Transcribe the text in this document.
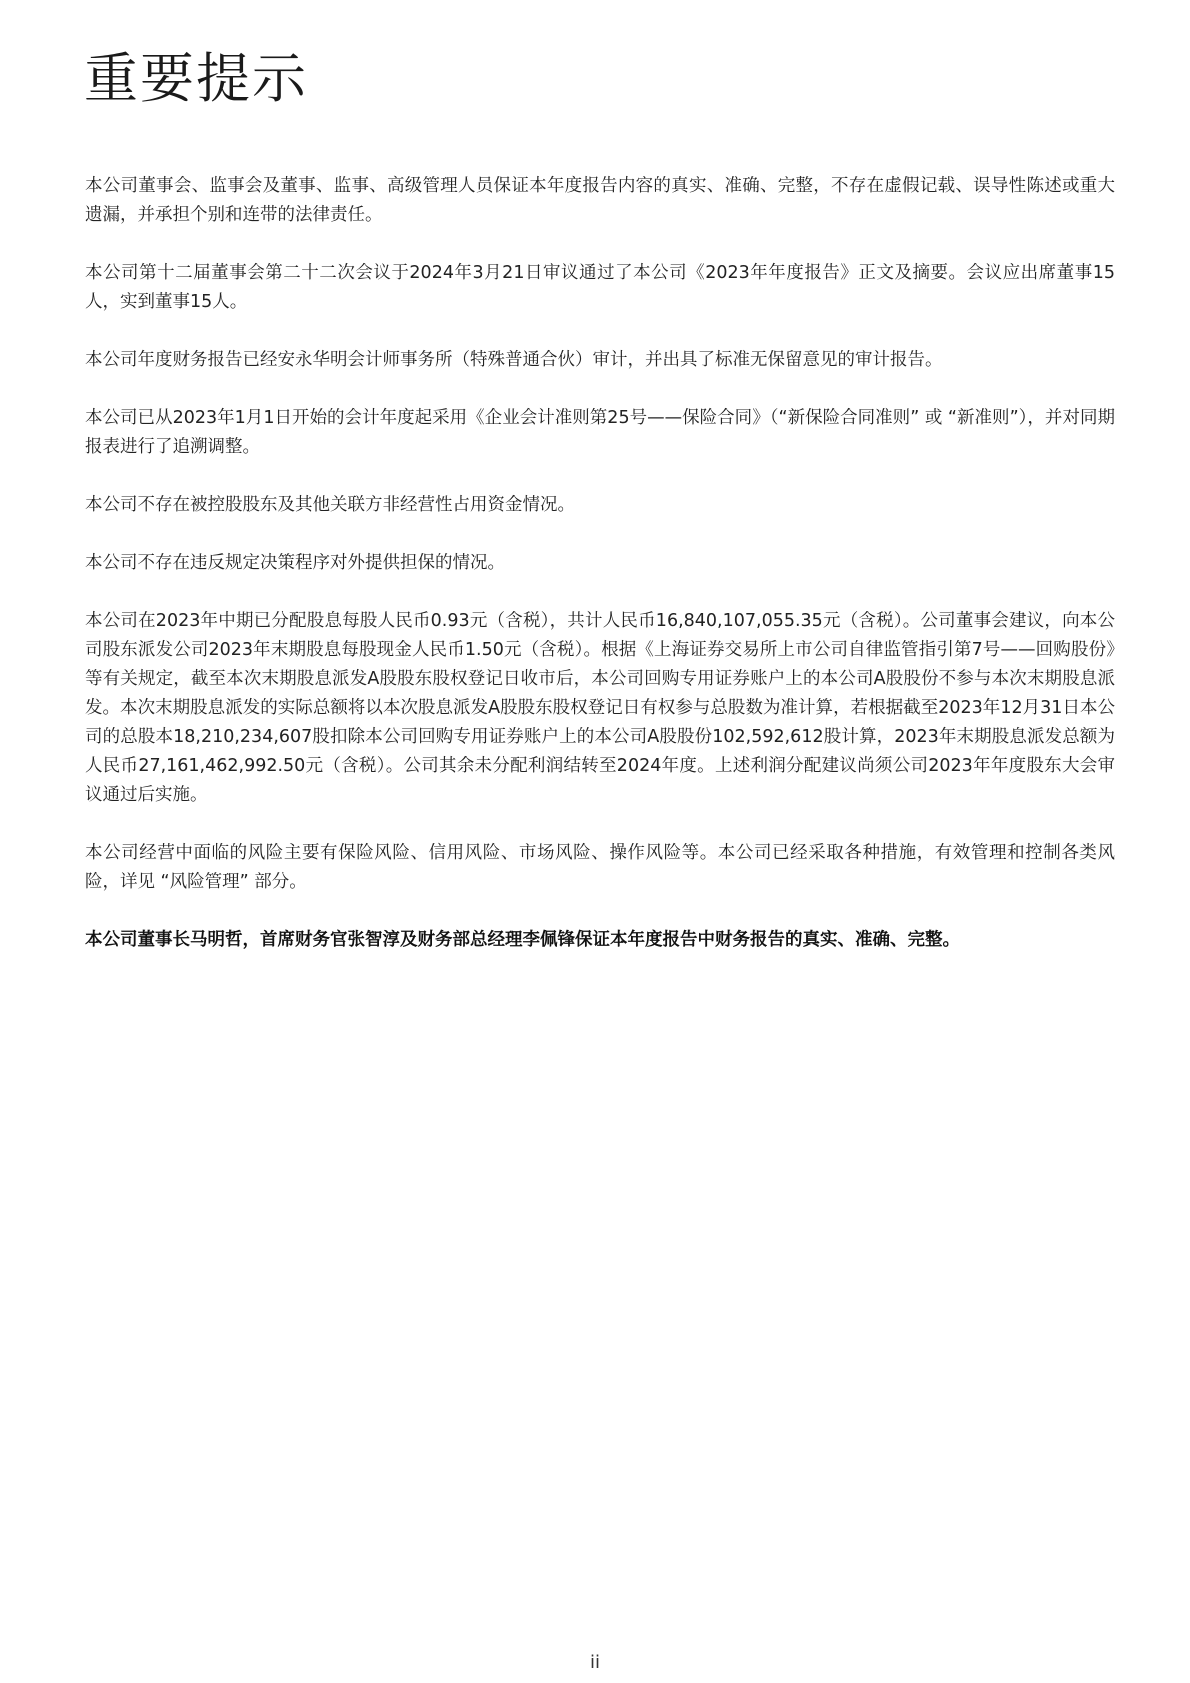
重要提示

本公司董事会、监事会及董事、监事、高级管理人员保证本年度报告内容的真实、准确、完整，不存在虚假记载、误导性陈述或重大遗漏，并承担个别和连带的法律责任。

本公司第十二届董事会第二十二次会议于2024年3月21日审议通过了本公司《2023年年度报告》正文及摘要。会议应出席董事15人，实到董事15人。

本公司年度财务报告已经安永华明会计师事务所（特殊普通合伙）审计，并出具了标准无保留意见的审计报告。

本公司已从2023年1月1日开始的会计年度起采用《企业会计准则第25号——保险合同》（“新保险合同准则” 或 “新准则”），并对同期报表进行了追溯调整。

本公司不存在被控股股东及其他关联方非经营性占用资金情况。

本公司不存在违反规定决策程序对外提供担保的情况。

本公司在2023年中期已分配股息每股人民币0.93元（含税），共计人民币16,840,107,055.35元（含税）。公司董事会建议，向本公司股东派发公司2023年末期股息每股现金人民币1.50元（含税）。根据《上海证券交易所上市公司自律监管指引第7号——回购股份》等有关规定，截至本次末期股息派发A股股东股权登记日收市后，本公司回购专用证券账户上的本公司A股股份不参与本次末期股息派发。本次末期股息派发的实际总额将以本次股息派发A股股东股权登记日有权参与总股数为准计算，若根据截至2023年12月31日本公司的总股本18,210,234,607股扣除本公司回购专用证券账户上的本公司A股股份102,592,612股计算，2023年末期股息派发总额为人民币27,161,462,992.50元（含税）。公司其余未分配利润结转至2024年度。上述利润分配建议尚须公司2023年年度股东大会审议通过后实施。

本公司经营中面临的风险主要有保险风险、信用风险、市场风险、操作风险等。本公司已经采取各种措施，有效管理和控制各类风险，详见 “风险管理” 部分。

本公司董事长马明哲，首席财务官张智淳及财务部总经理李佩锋保证本年度报告中财务报告的真实、准确、完整。

ii
